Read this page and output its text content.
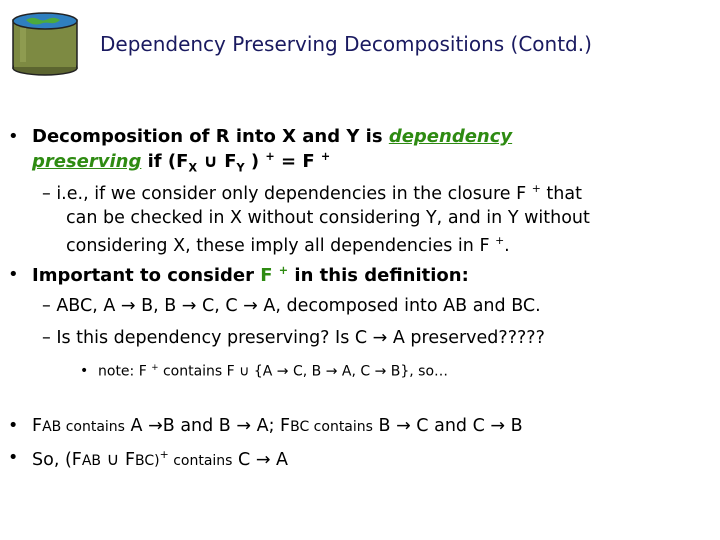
Dependency Preserving Decompositions (Contd.)
• Decomposition of R into X and Y is dependency
preserving if ($F_X$ ∪ $F_Y$ ) + = F +
– i.e., if we consider only dependencies in the closure F + that
can be checked in X without considering Y, and in Y without
considering X, these imply all dependencies in F +.
• Important to consider F + in this definition:
– ABC, A → B, B → C, C → A, decomposed into AB and BC.
– Is this dependency preserving? Is C → A preserved?????
• note: F + contains F ∪ {A → C, B → A, C → B}, so…
• FAB contains A →B and B → A; FBC contains B → C and C → B
• So, (FAB ∪ FBC)+ contains C → A
